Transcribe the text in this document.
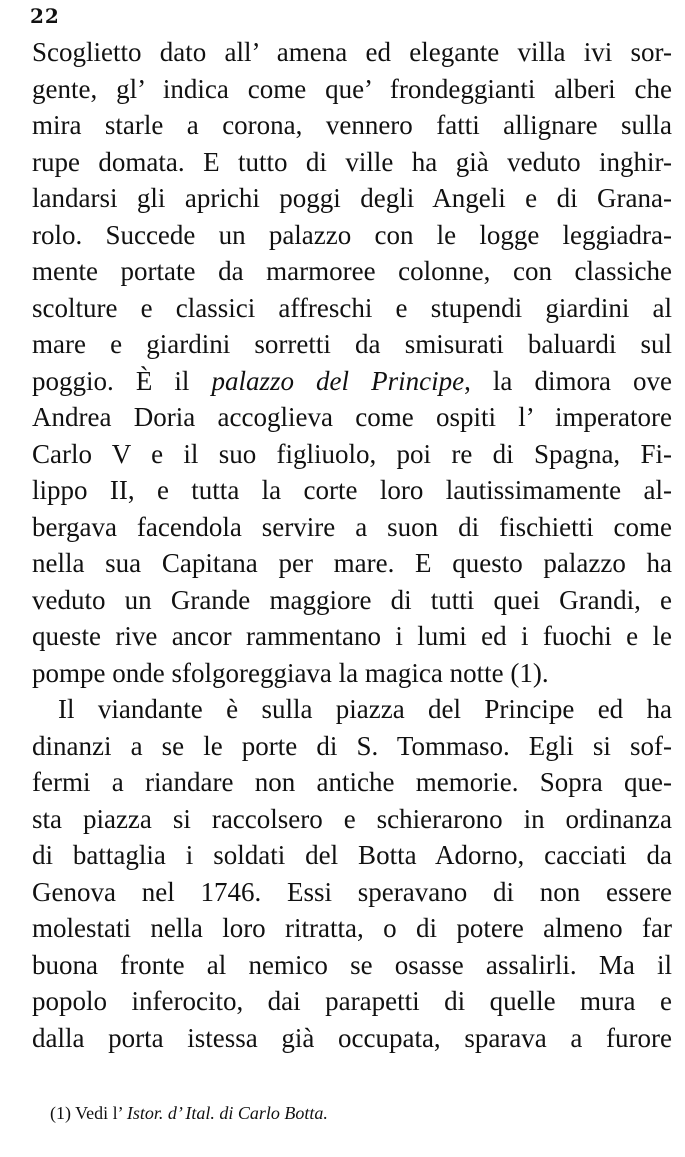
22
Scoglietto dato all’ amena ed elegante villa ivi sor-
gente, gl’ indica come que’ frondeggianti alberi che
mira starle a corona, vennero fatti allignare sulla
rupe domata. E tutto di ville ha già veduto inghir-
landarsi gli aprichi poggi degli Angeli e di Grana-
rolo. Succede un palazzo con le logge leggiadra-
mente portate da marmoree colonne, con classiche
scolture e classici affreschi e stupendi giardini al
mare e giardini sorretti da smisurati baluardi sul
poggio. È il palazzo del Principe, la dimora ove
Andrea Doria accoglieva come ospiti l’ imperatore
Carlo V e il suo figliuolo, poi re di Spagna, Fi-
lippo II, e tutta la corte loro lautissimamente al-
bergava facendola servire a suon di fischietti come
nella sua Capitana per mare. E questo palazzo ha
veduto un Grande maggiore di tutti quei Grandi, e
queste rive ancor rammentano i lumi ed i fuochi e le
pompe onde sfolgoreggiava la magica notte (1).
Il viandante è sulla piazza del Principe ed ha
dinanzi a se le porte di S. Tommaso. Egli si sof-
fermi a riandare non antiche memorie. Sopra que-
sta piazza si raccolsero e schierarono in ordinanza
di battaglia i soldati del Botta Adorno, cacciati da
Genova nel 1746. Essi speravano di non essere
molestati nella loro ritratta, o di potere almeno far
buona fronte al nemico se osasse assalirli. Ma il
popolo inferocito, dai parapetti di quelle mura e
dalla porta istessa già occupata, sparava a furore
(1) Vedi l’ Istor. d’ Ital. di Carlo Botta.
